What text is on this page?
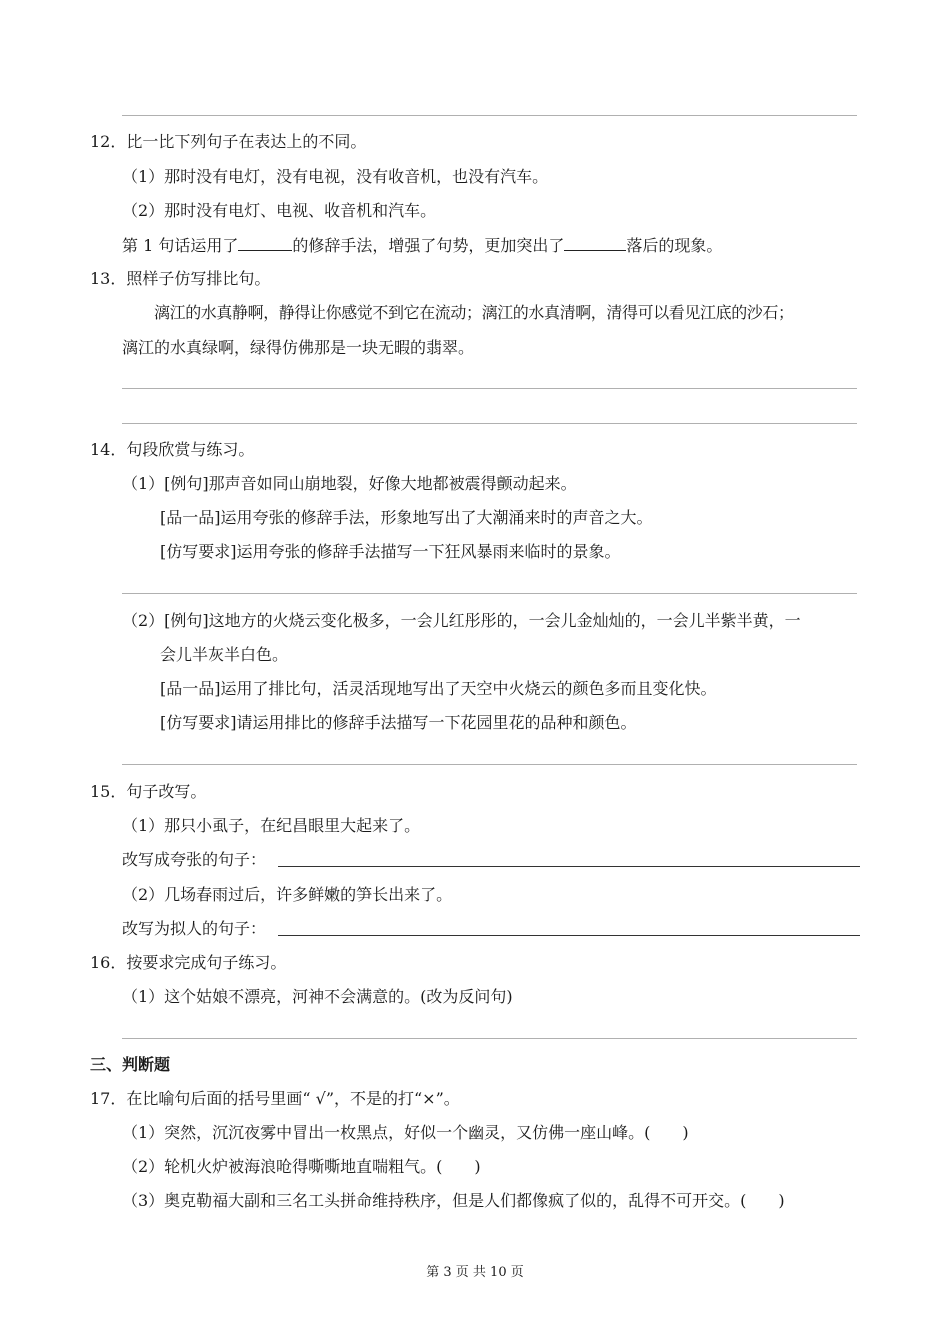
12．比一比下列句子在表达上的不同。
（1）那时没有电灯，没有电视，没有收音机，也没有汽车。
（2）那时没有电灯、电视、收音机和汽车。
第 1 句话运用了	的修辞手法，增强了句势，更加突出了	落后的现象。
13．照样子仿写排比句。
漓江的水真静啊，静得让你感觉不到它在流动；漓江的水真清啊，清得可以看见江底的沙石；
漓江的水真绿啊，绿得仿佛那是一块无暇的翡翠。
14．句段欣赏与练习。
（1）[例句]那声音如同山崩地裂，好像大地都被震得颤动起来。
[品一品]运用夸张的修辞手法，形象地写出了大潮涌来时的声音之大。
[仿写要求]运用夸张的修辞手法描写一下狂风暴雨来临时的景象。
（2）[例句]这地方的火烧云变化极多，一会儿红彤彤的，一会儿金灿灿的，一会儿半紫半黄，一
会儿半灰半白色。
[品一品]运用了排比句，活灵活现地写出了天空中火烧云的颜色多而且变化快。
[仿写要求]请运用排比的修辞手法描写一下花园里花的品种和颜色。
15．句子改写。
（1）那只小虱子，在纪昌眼里大起来了。
改写成夸张的句子：
（2）几场春雨过后，许多鲜嫩的笋长出来了。
改写为拟人的句子：
16．按要求完成句子练习。
（1）这个姑娘不漂亮，河神不会满意的。(改为反问句)
三、判断题
17．在比喻句后面的括号里画“ √”，不是的打“×”。
（1）突然，沉沉夜雾中冒出一枚黑点，好似一个幽灵，又仿佛一座山峰。(　　)
（2）轮机火炉被海浪呛得嘶嘶地直喘粗气。(　　)
（3）奥克勒福大副和三名工头拼命维持秩序，但是人们都像疯了似的，乱得不可开交。(　　)
第 3 页 共 10 页
